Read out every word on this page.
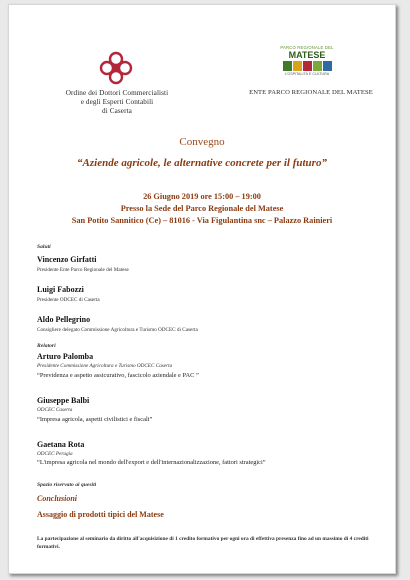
Ordine dei Dottori Commercialisti
e degli Esperti Contabili
di Caserta
PARCO REGIONALE DEL
MATESE
L'OSPITALITÀ E CULTURA
ENTE PARCO REGIONALE DEL MATESE
Convegno
“Aziende agricole, le alternative concrete per il futuro”
26 Giugno 2019 ore 15:00 – 19:00
Presso la Sede del Parco Regionale del Matese
San Potito Sannitico (Ce) – 81016 - Via Figulantina snc – Palazzo Rainieri
Saluti
Vincenzo Girfatti
Presidente Ente Parco Regionale del Matese
Luigi Fabozzi
Presidente ODCEC di Caserta
Aldo Pellegrino
Consigliere delegato Commissione Agricoltura e Turismo ODCEC di Caserta
Relatori
Arturo Palomba
Presidente Commissione Agricoltura e Turismo ODCEC Caserta
“Previdenza e aspetto assicurativo, fascicolo aziendale e PAC ”
Giuseppe Balbi
ODCEC Caserta
“Impresa agricola, aspetti civilistici e fiscali”
Gaetana Rota
ODCEC Perugia
“L'impresa agricola nel mondo dell'export e dell'internazionalizzazione, fattori strategici”
Spazio riservato ai quesiti
Conclusioni
Assaggio di prodotti tipici del Matese
La partecipazione al seminario da diritto all'acquisizione di 1 credito formativo per ogni ora di effettiva presenza fino ad un massimo di 4 crediti formativi.
